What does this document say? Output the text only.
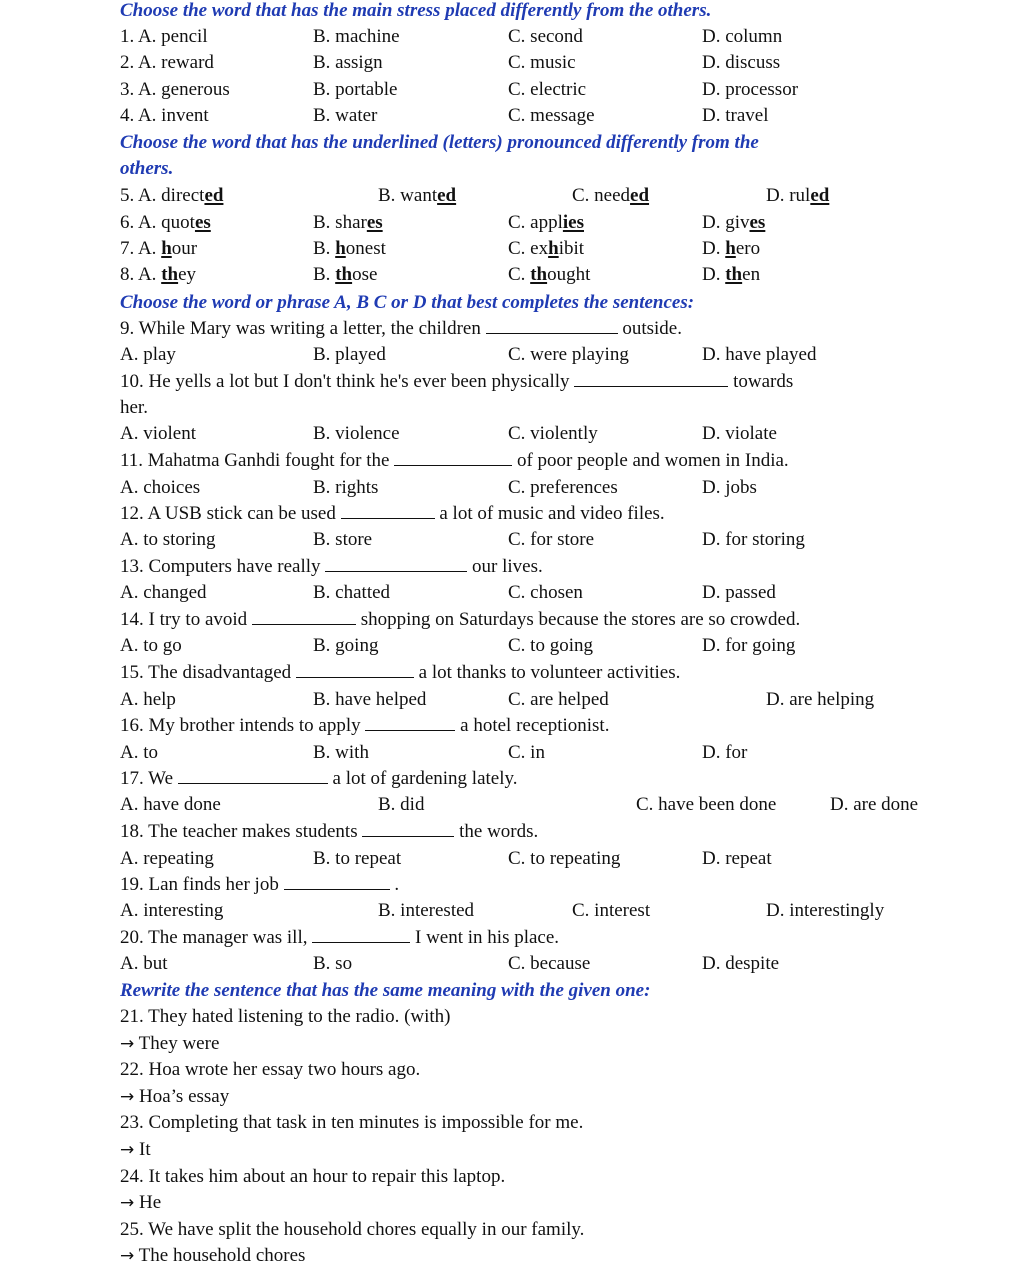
Choose the word that has the main stress placed differently from the others.
1. A. pencil	B. machine	C. second	D. column
2. A. reward	B. assign	C. music	D. discuss
3. A. generous	B. portable	C. electric	D. processor
4. A. invent	B. water	C. message	D. travel
Choose the word that has the underlined (letters) pronounced differently from the
others.
5. A. directed	B. wanted	C. needed	D. ruled
6. A. quotes	B. shares	C. applies	D. gives
7. A. hour	B. honest	C. exhibit	D. hero
8. A. they	B. those	C. thought	D. then
Choose the word or phrase A, B C or D that best completes the sentences:
9. While Mary was writing a letter, the children	outside.
A. play	B. played	C. were playing	D. have played
10. He yells a lot but I don't think he's ever been physically	towards
her.
A. violent	B. violence	C. violently	D. violate
11. Mahatma Ganhdi fought for the	of poor people and women in India.
A. choices	B. rights	C. preferences	D. jobs
12. A USB stick can be used	a lot of music and video files.
A. to storing	B. store	C. for store	D. for storing
13. Computers have really	our lives.
A. changed	B. chatted	C. chosen	D. passed
14. I try to avoid	shopping on Saturdays because the stores are so crowded.
A. to go	B. going	C. to going	D. for going
15. The disadvantaged	a lot thanks to volunteer activities.
A. help	B. have helped	C. are helped	D. are helping
16. My brother intends to apply	a hotel receptionist.
A. to	B. with	C. in	D. for
17. We	a lot of gardening lately.
A. have done	B. did	C. have been done	D. are done
18. The teacher makes students	the words.
A. repeating	B. to repeat	C. to repeating	D. repeat
19. Lan finds her job	.
A. interesting	B. interested	C. interest	D. interestingly
20. The manager was ill,	I went in his place.
A. but	B. so	C. because	D. despite
Rewrite the sentence that has the same meaning with the given one:
21. They hated listening to the radio. (with)
→ They were
22. Hoa wrote her essay two hours ago.
→ Hoa’s essay
23. Completing that task in ten minutes is impossible for me.
→ It
24. It takes him about an hour to repair this laptop.
→ He
25. We have split the household chores equally in our family.
→ The household chores
